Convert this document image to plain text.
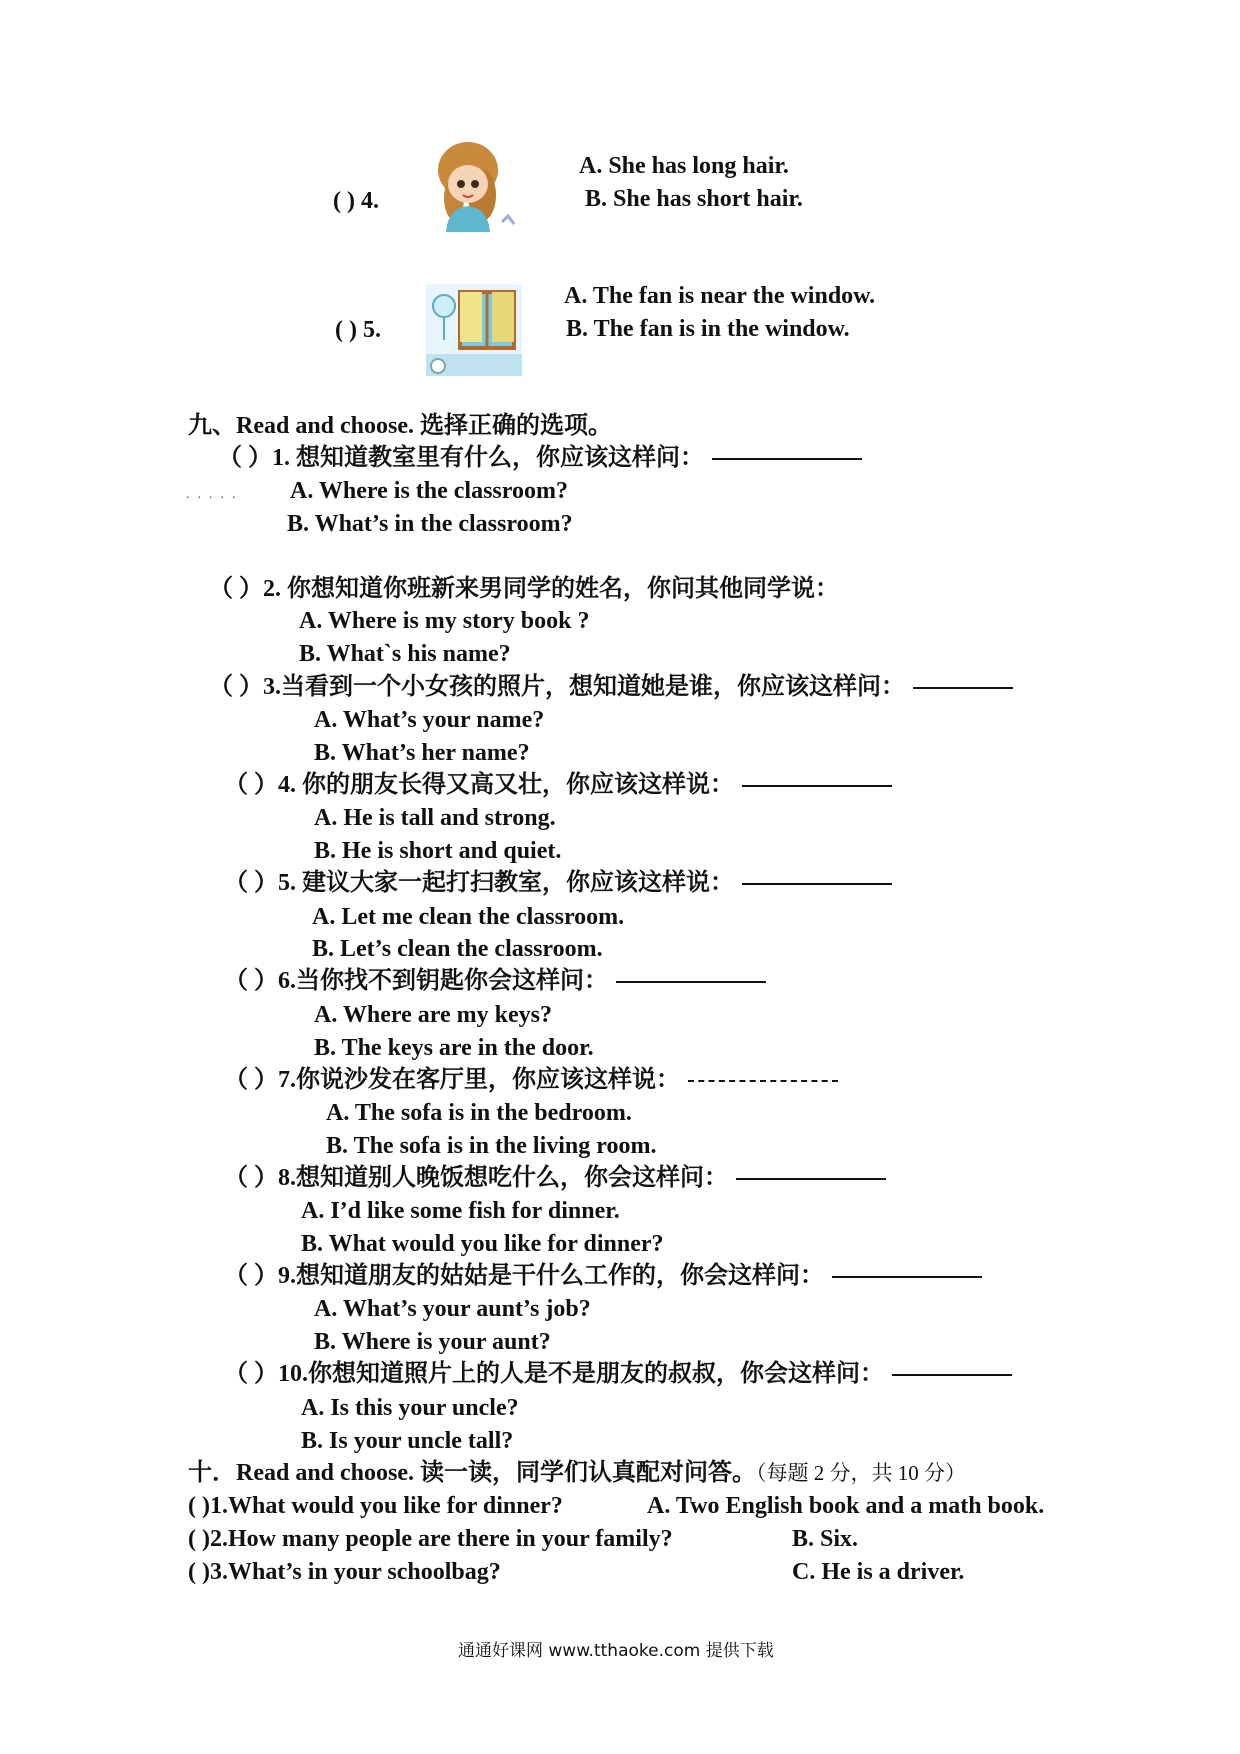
( ) 4.
A. She has long hair.
B. She has short hair.
( ) 5.
A. The fan is near the window.
B. The fan is in the window.
九、Read and choose. 选择正确的选项。
（ ）1. 想知道教室里有什么，你应该这样问：
..... A. Where is the classroom?
B. What’s in the classroom?
（ ）2. 你想知道你班新来男同学的姓名，你问其他同学说：
A. Where is my story book ?
B. What`s his name?
（ ）3.当看到一个小女孩的照片，想知道她是谁，你应该这样问：
A. What’s your name?
B. What’s her name?
（ ）4. 你的朋友长得又高又壮，你应该这样说：
A. He is tall and strong.
B. He is short and quiet.
（ ）5. 建议大家一起打扫教室，你应该这样说：
A. Let me clean the classroom.
B. Let’s clean the classroom.
（ ）6.当你找不到钥匙你会这样问：
A. Where are my keys?
B. The keys are in the door.
（ ）7.你说沙发在客厅里，你应该这样说：
A. The sofa is in the bedroom.
B. The sofa is in the living room.
（ ）8.想知道别人晚饭想吃什么，你会这样问：
A. I’d like some fish for dinner.
B. What would you like for dinner?
（ ）9.想知道朋友的姑姑是干什么工作的，你会这样问：
A. What’s your aunt’s job?
B. Where is your aunt?
（ ）10.你想知道照片上的人是不是朋友的叔叔，你会这样问：
A. Is this your uncle?
B. Is your uncle tall?
十．Read and choose. 读一读，同学们认真配对问答。（每题 2 分，共 10 分）
( )1.What would you like for dinner?	A. Two English book and a math book.
( )2.How many people are there in your family?	B. Six.
( )3.What’s in your schoolbag?	C. He is a driver.
通通好课网 www.tthaoke.com 提供下载
